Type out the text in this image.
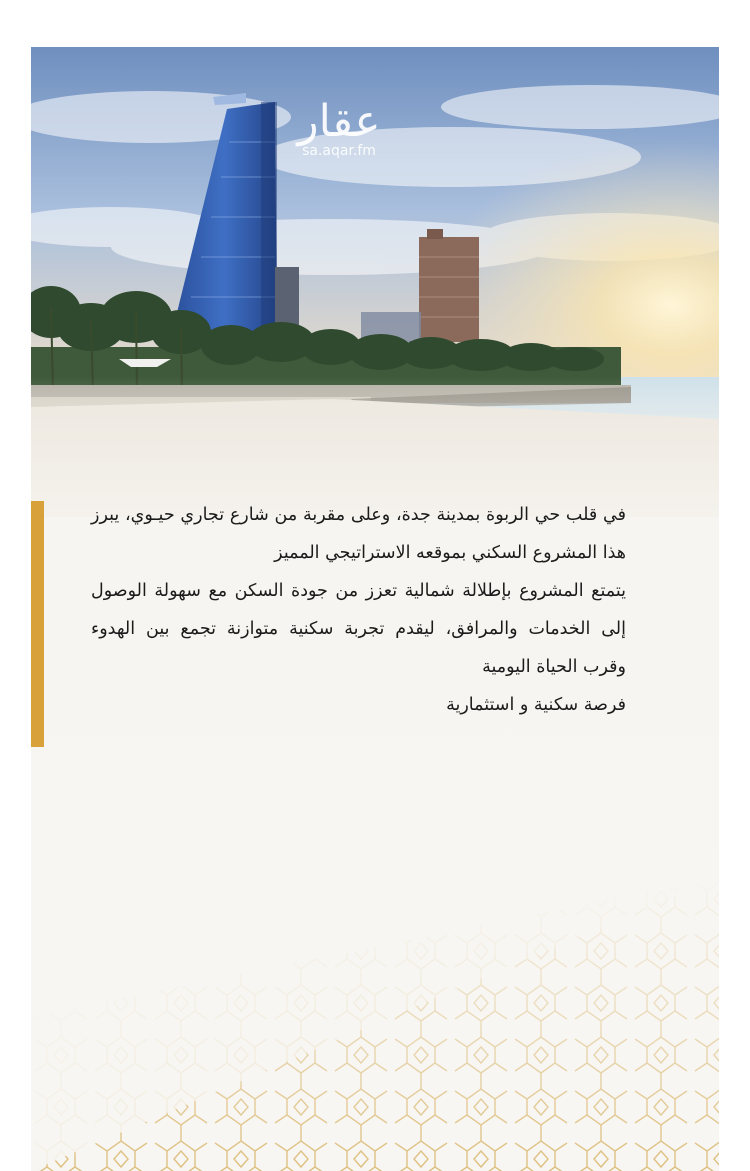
عقار
sa.aqar.fm

في قلب حي الربوة بمدينة جدة، وعلى مقربة من شارع تجاري حيـوي، يبرز هذا المشروع السكني بموقعه الاستراتيجي المميز

يتمتع المشروع بإطلالة شمالية تعزز من جودة السكن مع سهولة الوصول إلى الخدمات والمرافق، ليقدم تجربة سكنية متوازنة تجمع بين الهدوء وقرب الحياة اليومية

فرصة سكنية و استثمارية
